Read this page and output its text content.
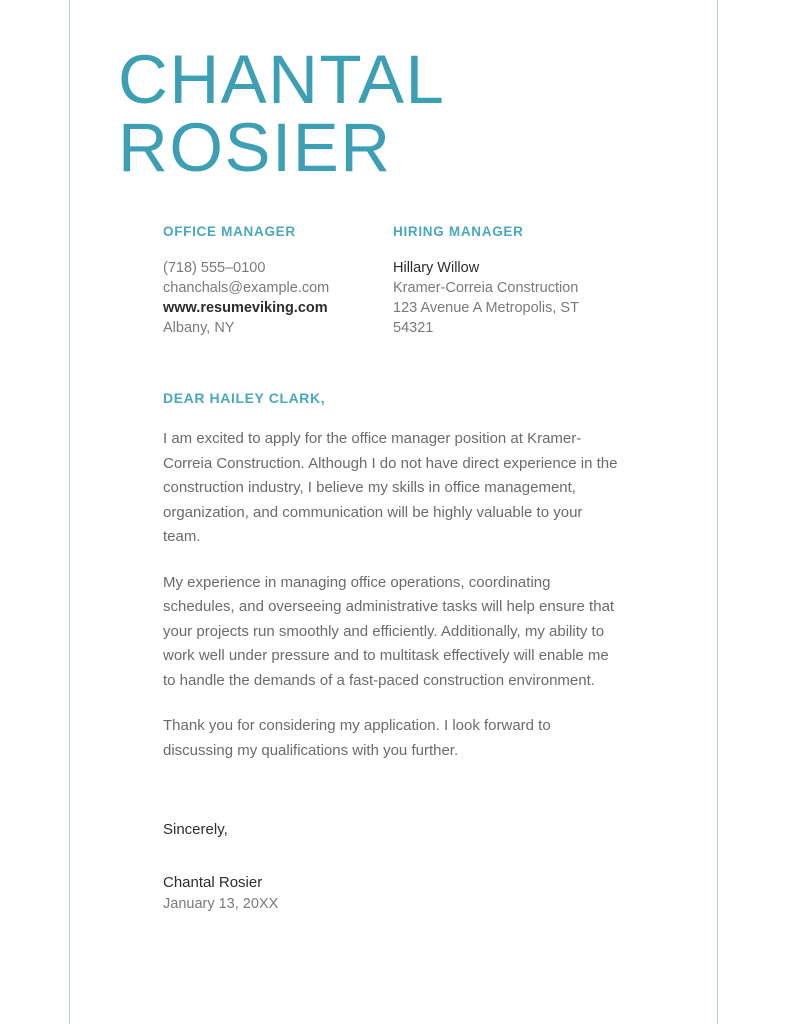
CHANTAL
ROSIER
OFFICE MANAGER
(718) 555–0100
chanchals@example.com
www.resumeviking.com
Albany, NY
HIRING MANAGER
Hillary Willow
Kramer-Correia Construction
123 Avenue A Metropolis, ST
54321
DEAR HAILEY CLARK,

I am excited to apply for the office manager position at Kramer-Correia Construction. Although I do not have direct experience in the construction industry, I believe my skills in office management, organization, and communication will be highly valuable to your team.

My experience in managing office operations, coordinating schedules, and overseeing administrative tasks will help ensure that your projects run smoothly and efficiently. Additionally, my ability to work well under pressure and to multitask effectively will enable me to handle the demands of a fast-paced construction environment.

Thank you for considering my application. I look forward to discussing my qualifications with you further.

Sincerely,
Chantal Rosier
January 13, 20XX
